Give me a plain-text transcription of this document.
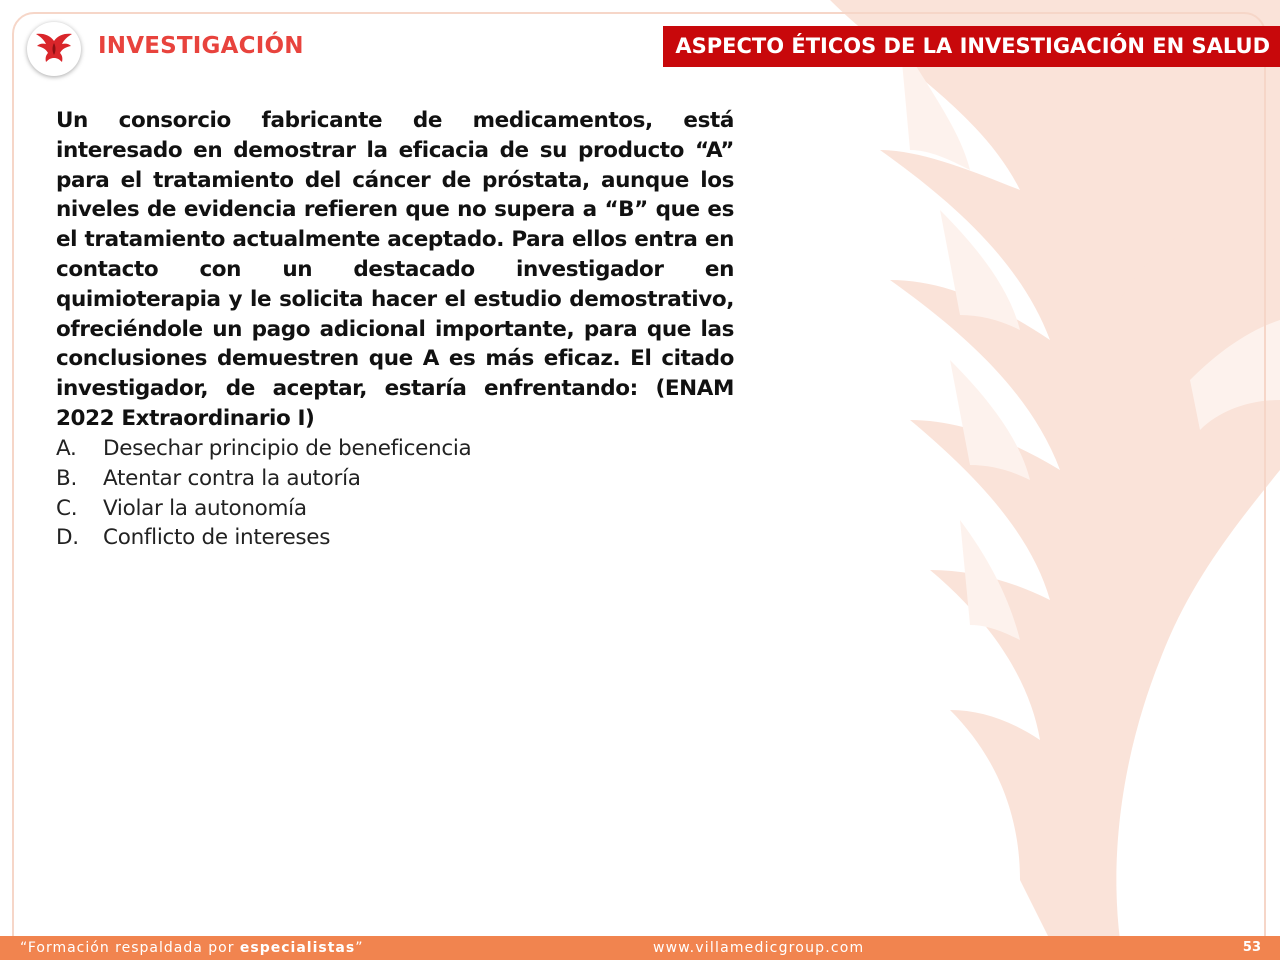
INVESTIGACIÓN	ASPECTO ÉTICOS DE LA INVESTIGACIÓN EN SALUD

Un consorcio fabricante de medicamentos, está interesado en demostrar la eficacia de su producto “A” para el tratamiento del cáncer de próstata, aunque los niveles de evidencia refieren que no supera a “B” que es el tratamiento actualmente aceptado. Para ellos entra en contacto con un destacado investigador en quimioterapia y le solicita hacer el estudio demostrativo, ofreciéndole un pago adicional importante, para que las conclusiones demuestren que A es más eficaz. El citado investigador, de aceptar, estaría enfrentando: (ENAM 2022 Extraordinario I)

A.	Desechar principio de beneficencia
B.	Atentar contra la autoría
C.	Violar la autonomía
D.	Conflicto de intereses
“Formación respaldada por especialistas”	www.villamedicgroup.com	53
